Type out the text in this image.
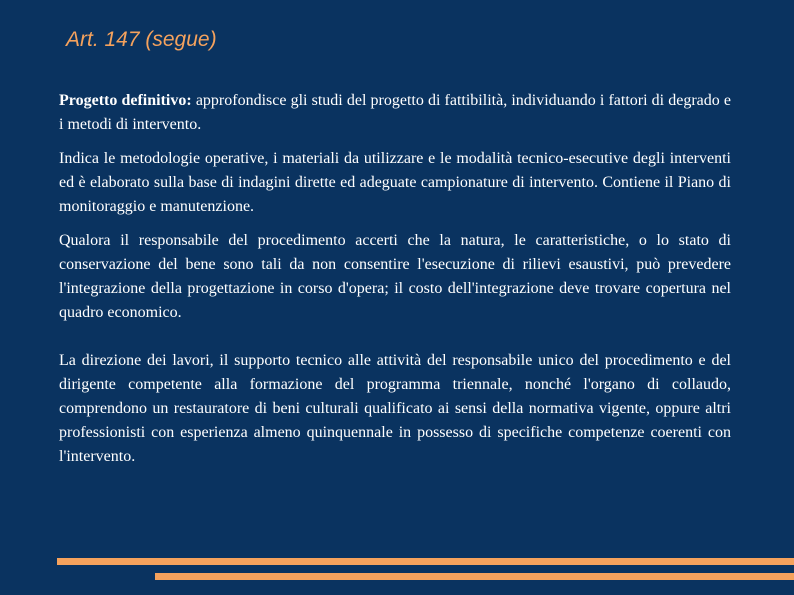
Art. 147 (segue)

Progetto definitivo: approfondisce gli studi del progetto di fattibilità, individuando i fattori di degrado e i metodi di intervento.

Indica le metodologie operative, i materiali da utilizzare e le modalità tecnico-esecutive degli interventi ed è elaborato sulla base di indagini dirette ed adeguate campionature di intervento. Contiene il Piano di monitoraggio e manutenzione.

Qualora il responsabile del procedimento accerti che la natura, le caratteristiche, o lo stato di conservazione del bene sono tali da non consentire l'esecuzione di rilievi esaustivi, può prevedere l'integrazione della progettazione in corso d'opera; il costo dell'integrazione deve trovare copertura nel quadro economico.

La direzione dei lavori, il supporto tecnico alle attività del responsabile unico del procedimento e del dirigente competente alla formazione del programma triennale, nonché l'organo di collaudo, comprendono un restauratore di beni culturali qualificato ai sensi della normativa vigente, oppure altri professionisti con esperienza almeno quinquennale in possesso di specifiche competenze coerenti con l'intervento.
